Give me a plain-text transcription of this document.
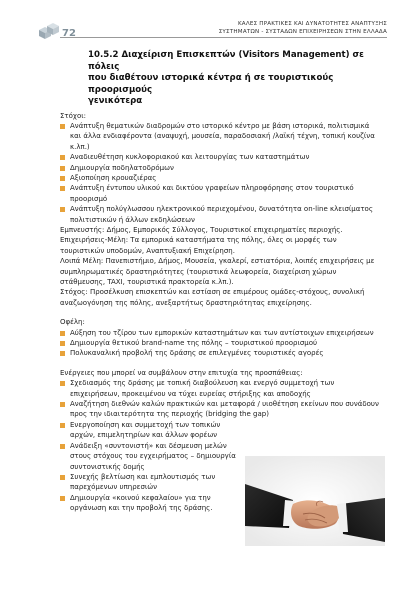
72
ΚΑΛΕΣ ΠΡΑΚΤΙΚΕΣ ΚΑΙ ΔΥΝΑΤΟΤΗΤΕΣ ΑΝΑΠΤΥΞΗΣ
ΣΥΣΤΗΜΑΤΩΝ - ΣΥΣΤΑΔΩΝ ΕΠΙΧΕΙΡΗΣΕΩΝ ΣΤΗΝ ΕΛΛΑΔΑ
10.5.2 Διαχείριση Επισκεπτών (Visitors Management) σε πόλεις
που διαθέτουν ιστορικά κέντρα ή σε τουριστικούς προορισμούς
γενικότερα

Στόχοι:

Ανάπτυξη θεματικών διαδρομών στο ιστορικό κέντρο με βάση ιστορικά, πολιτισμικά και άλλα ενδιαφέροντα (αναψυχή, μουσεία, παραδοσιακή /λαϊκή τέχνη, τοπική κουζίνα κ.λπ.)
Αναδιευθέτηση κυκλοφοριακού και λειτουργίας των καταστημάτων
Δημιουργία ποδηλατοδρόμων
Αξιοποίηση κρουαζιέρας
Ανάπτυξη έντυπου υλικού και δικτύου γραφείων πληροφόρησης στον τουριστικό προορισμό
Ανάπτυξη πολύγλωσσου ηλεκτρονικού περιεχομένου, δυνατότητα on-line κλεισίματος πολιτιστικών ή άλλων εκδηλώσεων

Εμπνευστής: Δήμος, Εμπορικός Σύλλογος, Τουριστικοί επιχειρηματίες περιοχής.

Επιχειρήσεις-Μέλη: Τα εμπορικά καταστήματα της πόλης, όλες οι μορφές των τουριστικών υποδομών, Αναπτυξιακή Επιχείρηση.

Λοιπά Μέλη: Πανεπιστήμιο, Δήμος, Μουσεία, γκαλερί, εστιατόρια, λοιπές επιχειρήσεις με συμπληρωματικές δραστηριότητες (τουριστικά λεωφορεία, διαχείριση χώρων στάθμευσης, TAXI, τουριστικά πρακτορεία κ.λπ.).

Στόχος: Προσέλκυση επισκεπτών και εστίαση σε επιμέρους ομάδες-στόχους, συνολική αναζωογόνηση της πόλης, ανεξαρτήτως δραστηριότητας επιχείρησης.

Οφέλη:

Αύξηση του τζίρου των εμπορικών καταστημάτων και των αντίστοιχων επιχειρήσεων
Δημιουργία θετικού brand-name της πόλης – τουριστικού προορισμού
Πολυκαναλική προβολή της δράσης σε επιλεγμένες τουριστικές αγορές

Ενέργειες που μπορεί να συμβάλουν στην επιτυχία της προσπάθειας:

Σχεδιασμός της δράσης με τοπική διαβούλευση και ενεργό συμμετοχή των επιχειρήσεων, προκειμένου να τύχει ευρείας στήριξης και αποδοχής
Αναζήτηση διεθνών καλών πρακτικών και μεταφορά / υιοθέτηση εκείνων που συνάδουν προς την ιδιαιτερότητα της περιοχής (bridging the gap)
Ενεργοποίηση και συμμετοχή των τοπικών αρχών, επιμελητηρίων και άλλων φορέων
Ανάδειξη «συντονιστή» και δέσμευση μελών στους στόχους του εγχειρήματος – δημιουργία συντονιστικής δομής
Συνεχής βελτίωση και εμπλουτισμός των παρεχόμενων υπηρεσιών
Δημιουργία «κοινού κεφαλαίου» για την οργάνωση και την προβολή της δράσης.
